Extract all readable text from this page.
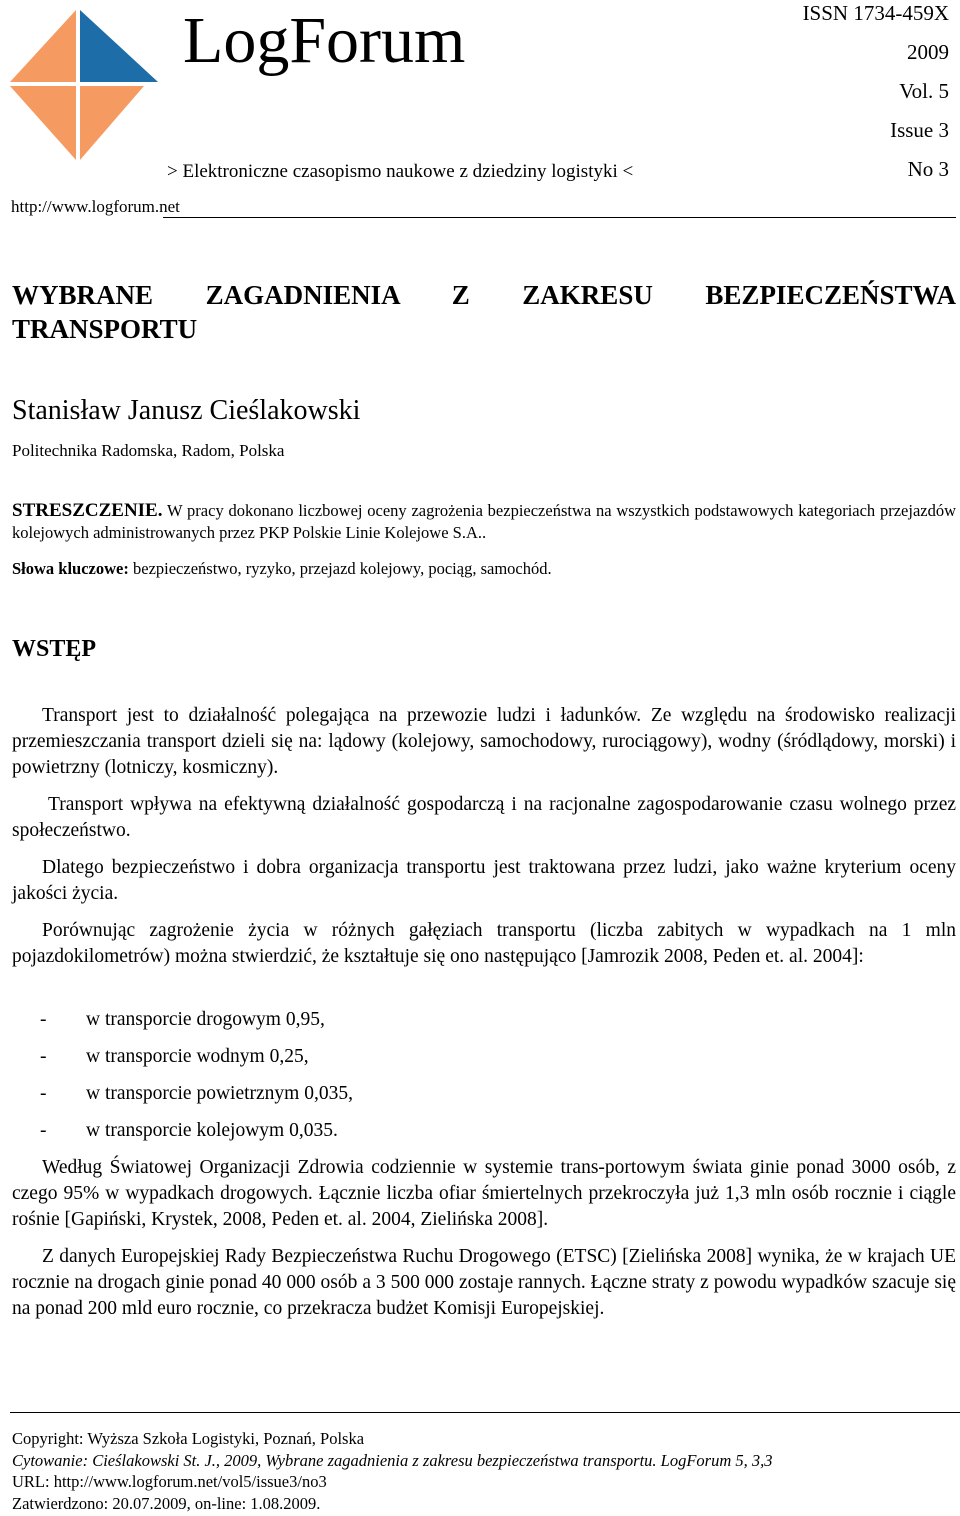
LogForum
> Elektroniczne czasopismo naukowe z dziedziny logistyki <
http://www.logforum.net
ISSN 1734-459X
2009
Vol. 5
Issue 3
No 3
WYBRANE ZAGADNIENIA Z ZAKRESU BEZPIECZEŃSTWA TRANSPORTU
Stanisław Janusz Cieślakowski
Politechnika Radomska, Radom, Polska
STRESZCZENIE. W pracy dokonano liczbowej oceny zagrożenia bezpieczeństwa na wszystkich podstawowych kategoriach przejazdów kolejowych administrowanych przez PKP Polskie Linie Kolejowe S.A..
Słowa kluczowe: bezpieczeństwo, ryzyko, przejazd kolejowy, pociąg, samochód.
WSTĘP
Transport jest to działalność polegająca na przewozie ludzi i ładunków. Ze względu na środowisko realizacji przemieszczania transport dzieli się na: lądowy (kolejowy, samochodowy, rurociągowy), wodny (śródlądowy, morski) i powietrzny (lotniczy, kosmiczny).
Transport wpływa na efektywną działalność gospodarczą i na racjonalne zagospodarowanie czasu wolnego przez społeczeństwo.
Dlatego bezpieczeństwo i dobra organizacja transportu jest traktowana przez ludzi, jako ważne kryterium oceny jakości życia.
Porównując zagrożenie życia w różnych gałęziach transportu (liczba zabitych w wypadkach na 1 mln pojazdokilometrów) można stwierdzić, że kształtuje się ono następująco [Jamrozik 2008, Peden et. al. 2004]:
- w transporcie drogowym 0,95,
- w transporcie wodnym 0,25,
- w transporcie powietrznym 0,035,
- w transporcie kolejowym 0,035.
Według Światowej Organizacji Zdrowia codziennie w systemie trans-portowym świata ginie ponad 3000 osób, z czego 95% w wypadkach drogowych. Łącznie liczba ofiar śmiertelnych przekroczyła już 1,3 mln osób rocznie i ciągle rośnie [Gapiński, Krystek, 2008, Peden et. al. 2004, Zielińska 2008].
Z danych Europejskiej Rady Bezpieczeństwa Ruchu Drogowego (ETSC) [Zielińska 2008] wynika, że w krajach UE rocznie na drogach ginie ponad 40 000 osób a 3 500 000 zostaje rannych. Łączne straty z powodu wypadków szacuje się na ponad 200 mld euro rocznie, co przekracza budżet Komisji Europejskiej.
Copyright: Wyższa Szkoła Logistyki, Poznań, Polska
Cytowanie: Cieślakowski St. J., 2009, Wybrane zagadnienia z zakresu bezpieczeństwa transportu. LogForum 5, 3,3
URL: http://www.logforum.net/vol5/issue3/no3
Zatwierdzono: 20.07.2009, on-line: 1.08.2009.
